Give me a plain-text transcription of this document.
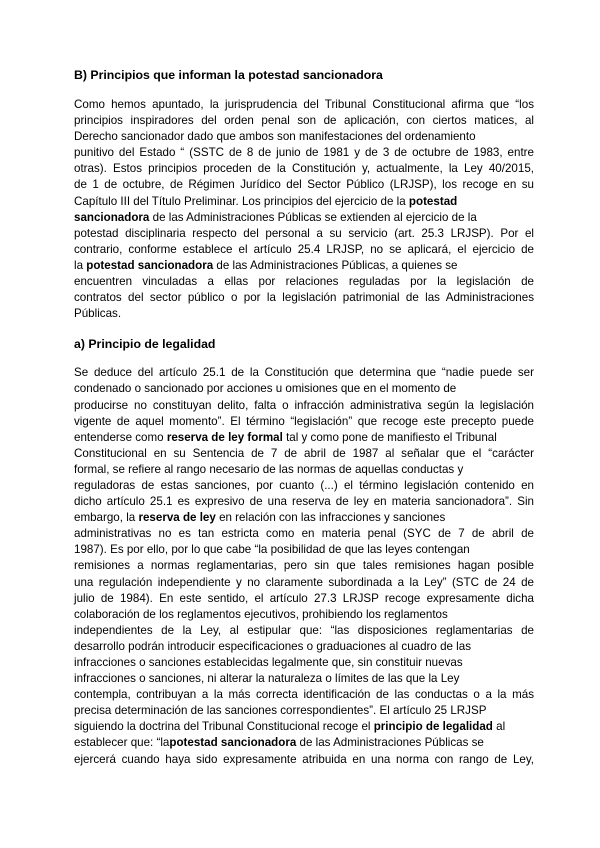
B) Principios que informan la potestad sancionadora
Como hemos apuntado, la jurisprudencia del Tribunal Constitucional afirma que “los
principios inspiradores del orden penal son de aplicación, con ciertos matices, al
Derecho sancionador dado que ambos son manifestaciones del ordenamiento
punitivo del Estado “ (SSTC de 8 de junio de 1981 y de 3 de octubre de 1983, entre
otras). Estos principios proceden de la Constitución y, actualmente, la Ley 40/2015,
de 1 de octubre, de Régimen Jurídico del Sector Público (LRJSP), los recoge en su
Capítulo III del Título Preliminar. Los principios del ejercicio de la potestad
sancionadora de las Administraciones Públicas se extienden al ejercicio de la
potestad disciplinaria respecto del personal a su servicio (art. 25.3 LRJSP). Por el
contrario, conforme establece el artículo 25.4 LRJSP, no se aplicará, el ejercicio de
la potestad sancionadora de las Administraciones Públicas, a quienes se
encuentren vinculadas a ellas por relaciones reguladas por la legislación de
contratos del sector público o por la legislación patrimonial de las Administraciones
Públicas.
a) Principio de legalidad
Se deduce del artículo 25.1 de la Constitución que determina que “nadie puede ser
condenado o sancionado por acciones u omisiones que en el momento de
producirse no constituyan delito, falta o infracción administrativa según la legislación
vigente de aquel momento”. El término “legislación” que recoge este precepto puede
entenderse como reserva de ley formal tal y como pone de manifiesto el Tribunal
Constitucional en su Sentencia de 7 de abril de 1987 al señalar que el “carácter
formal, se refiere al rango necesario de las normas de aquellas conductas y
reguladoras de estas sanciones, por cuanto (...) el término legislación contenido en
dicho artículo 25.1 es expresivo de una reserva de ley en materia sancionadora”. Sin
embargo, la reserva de ley en relación con las infracciones y sanciones
administrativas no es tan estricta como en materia penal (SYC de 7 de abril de
1987). Es por ello, por lo que cabe “la posibilidad de que las leyes contengan
remisiones a normas reglamentarias, pero sin que tales remisiones hagan posible
una regulación independiente y no claramente subordinada a la Ley” (STC de 24 de
julio de 1984). En este sentido, el artículo 27.3 LRJSP recoge expresamente dicha
colaboración de los reglamentos ejecutivos, prohibiendo los reglamentos
independientes de la Ley, al estipular que: “las disposiciones reglamentarias de
desarrollo podrán introducir especificaciones o graduaciones al cuadro de las
infracciones o sanciones establecidas legalmente que, sin constituir nuevas
infracciones o sanciones, ni alterar la naturaleza o límites de las que la Ley
contempla, contribuyan a la más correcta identificación de las conductas o a la más
precisa determinación de las sanciones correspondientes”. El artículo 25 LRJSP
siguiendo la doctrina del Tribunal Constitucional recoge el principio de legalidad al
establecer que: “lapotestad sancionadora de las Administraciones Públicas se
ejercerá cuando haya sido expresamente atribuida en una norma con rango de Ley,
